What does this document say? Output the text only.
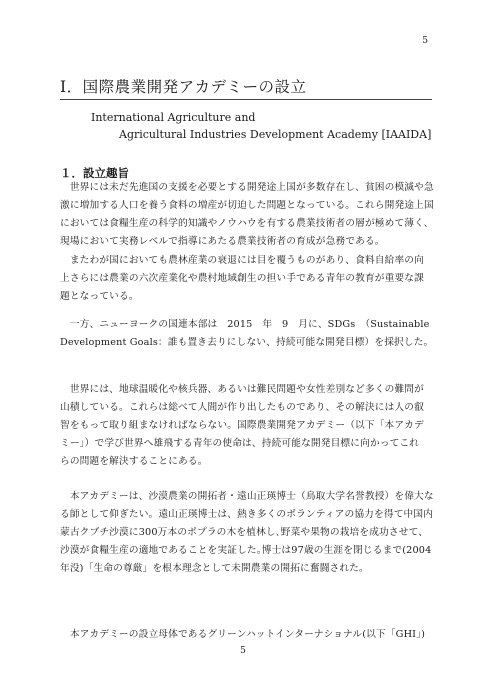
5
Ⅰ．国際農業開発アカデミーの設立
International Agriculture and
Agricultural Industries Development Academy [IAAIDA]
１．設立趣旨

　世界には未だ先進国の支援を必要とする開発途上国が多数存在し、貧困の模滅や急
激に増加する人口を養う食料の増産が切迫した問題となっている。これら開発途上国
においては食糧生産の科学的知識やノウハウを有する農業技術者の層が極めて薄く、
現場において実務レベルで指導にあたる農業技術者の育成が急務である。

　またわが国においても農林産業の衰退には目を覆うものがあり、食料自給率の向
上さらには農業の六次産業化や農村地域創生の担い手である青年の教育が重要な課
題となっている。

　一方、ニューヨークの国連本部は　2015　年　9　月に、SDGs　（Sustainable
Development Goals：誰も置き去りにしない、持続可能な開発目標）を採択した。

　世界には、地球温暖化や核兵器、あるいは難民問題や女性差別など多くの難問が
山積している。これらは総べて人間が作り出したものであり、その解決には人の叡
智をもって取り組まなければならない。国際農業開発アカデミー（以下「本アカデ
ミー」）で学び世界へ雄飛する青年の使命は、持続可能な開発目標に向かってこれ
らの問題を解決することにある。

　本アカデミーは、沙漠農業の開拓者・遠山正瑛博士（鳥取大学名誉教授）を偉大な
る師として仰ぎたい。遠山正瑛博士は、熱き多くのボランティアの協力を得て中国内
蒙古クブチ沙漠に300万本のポプラの木を植林し､野菜や果物の栽培を成功させて、
沙漠が食糧生産の適地であることを実証した｡博士は97歳の生涯を閉じるまで(2004
年没)「生命の尊厳」を根本理念として未開農業の開拓に奮闘された。

　本アカデミーの設立母体であるグリーンハットインターナショナル(以下「GHI」)

5
